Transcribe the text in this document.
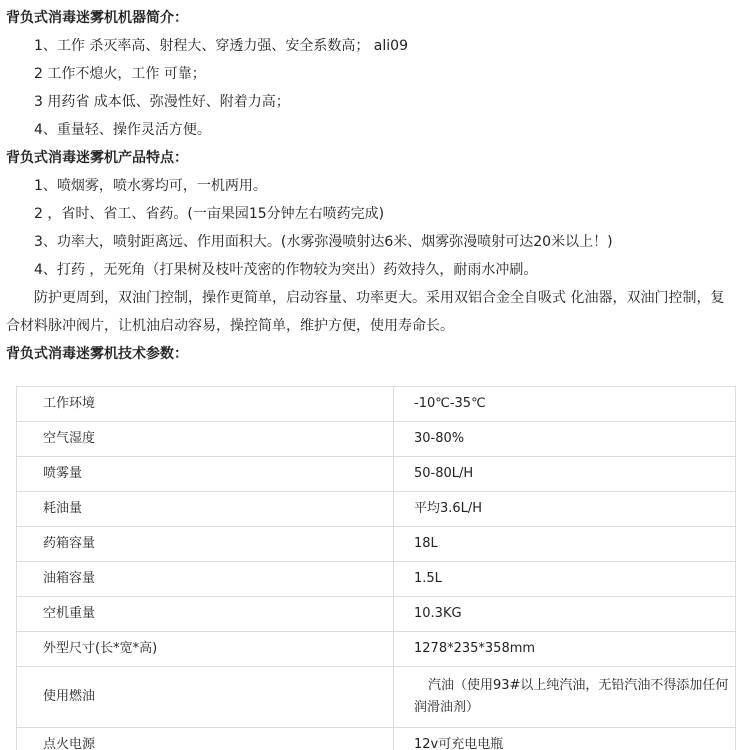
背负式消毒迷雾机机器简介：
1、工作 杀灭率高、射程大、穿透力强、安全系数高； ali09
2 工作不熄火，工作 可靠；
3 用药省 成本低、弥漫性好、附着力高；
4、重量轻、操作灵活方便。
背负式消毒迷雾机产品特点：
1、喷烟雾，喷水雾均可，一机两用。
2 ，省时、省工、省药。(一亩果园15分钟左右喷药完成)
3、功率大，喷射距离远、作用面积大。(水雾弥漫喷射达6米、烟雾弥漫喷射可达20米以上！)
4、打药 ，无死角（打果树及枝叶茂密的作物较为突出）药效持久，耐雨水冲刷。
防护更周到，双油门控制，操作更简单，启动容量、功率更大。采用双铝合金全自吸式 化油器，双油门控制，复合材料脉冲阀片，让机油启动容易，操控简单，维护方便，使用寿命长。
背负式消毒迷雾机技术参数：
工作环境	-10℃-35℃
空气湿度	30-80%
喷雾量	50-80L/H
耗油量	平均3.6L/H
药箱容量	18L
油箱容量	1.5L
空机重量	10.3KG
外型尺寸(长*宽*高)	1278*235*358mm
使用燃油	汽油（使用93#以上纯汽油，无铅汽油不得添加任何润滑油剂）
点火电源	12v可充电电瓶
